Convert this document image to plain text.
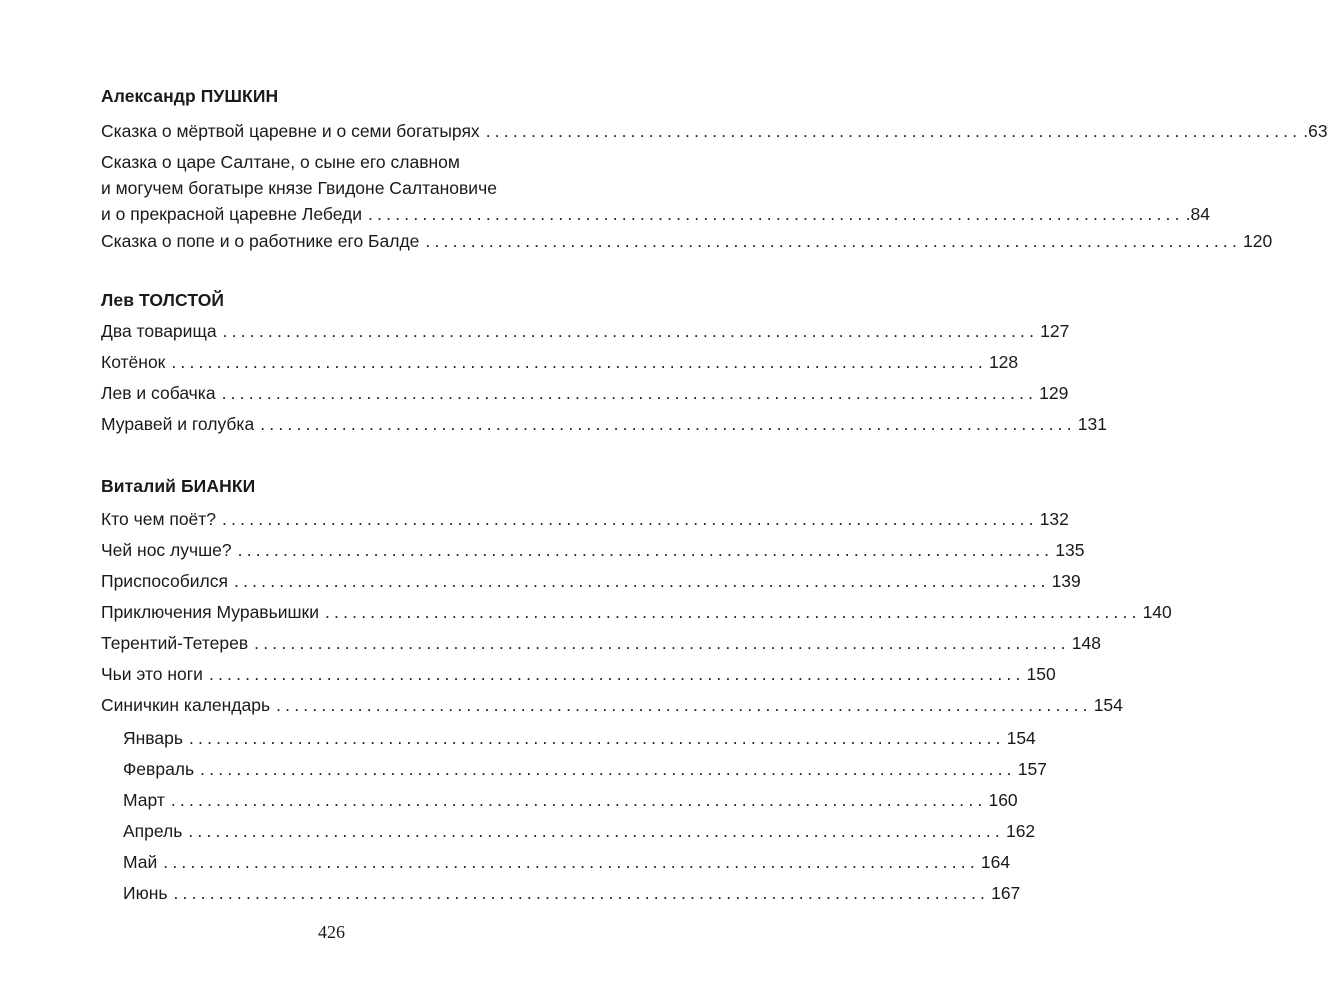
Александр ПУШКИН
Сказка о мёртвой царевне и о семи богатырях .......................................................................................... .63
Сказка о царе Салтане, о сыне его славном
и могучем богатыре князе Гвидоне Салтановиче
и о прекрасной царевне Лебеди .......................................................................................... .84
Сказка о попе и о работнике его Балде .......................................................................................... 120
Лев ТОЛСТОЙ
Два товарища .......................................................................................... 127
Котёнок .......................................................................................... 128
Лев и собачка .......................................................................................... 129
Муравей и голубка .......................................................................................... 131
Виталий БИАНКИ
Кто чем поёт? .......................................................................................... 132
Чей нос лучше? .......................................................................................... 135
Приспособился .......................................................................................... 139
Приключения Муравьишки .......................................................................................... 140
Терентий-Тетерев .......................................................................................... 148
Чьи это ноги .......................................................................................... 150
Синичкин календарь .......................................................................................... 154
Январь .......................................................................................... 154
Февраль .......................................................................................... 157
Март .......................................................................................... 160
Апрель .......................................................................................... 162
Май .......................................................................................... 164
Июнь .......................................................................................... 167
426
